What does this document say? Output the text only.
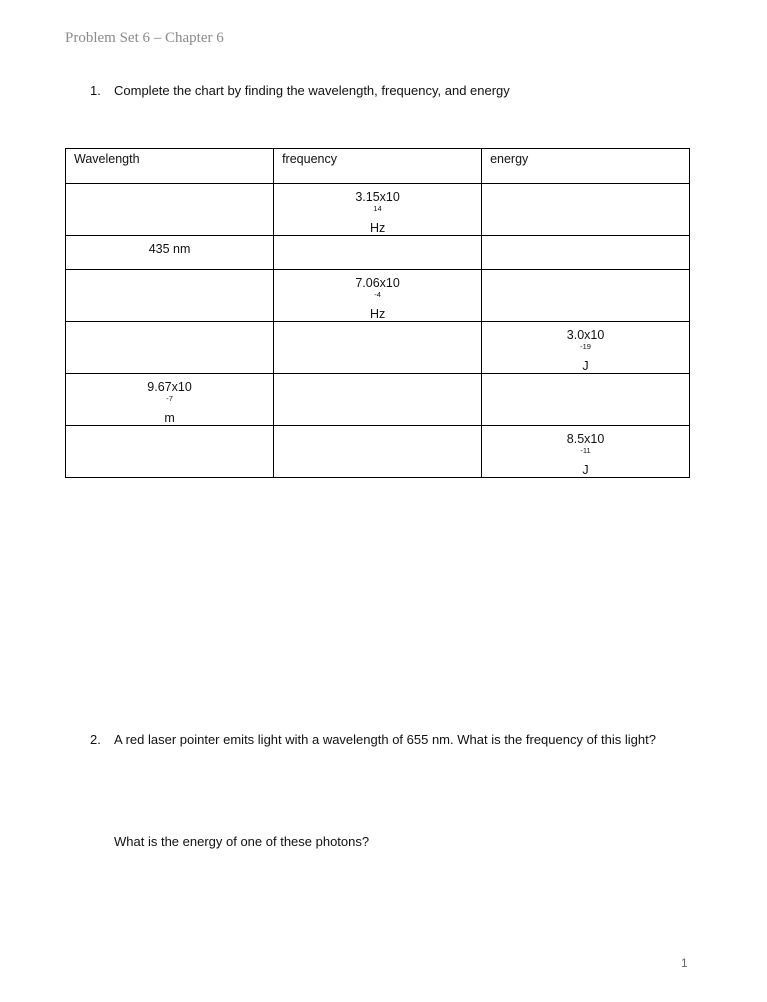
Problem Set 6 – Chapter 6
1.	Complete the chart by finding the wavelength, frequency, and energy
Wavelength	frequency	energy

	3.15x10
$^{14}$
Hz	

435 nm		

	7.06x10
$^{-4}$
Hz	

		3.0x10
$^{-19}$
J

9.67x10
$^{-7}$
m		

		8.5x10
$^{-11}$
J
2.	A red laser pointer emits light with a wavelength of 655 nm. What is the frequency of this light?
What is the energy of one of these photons?
1
